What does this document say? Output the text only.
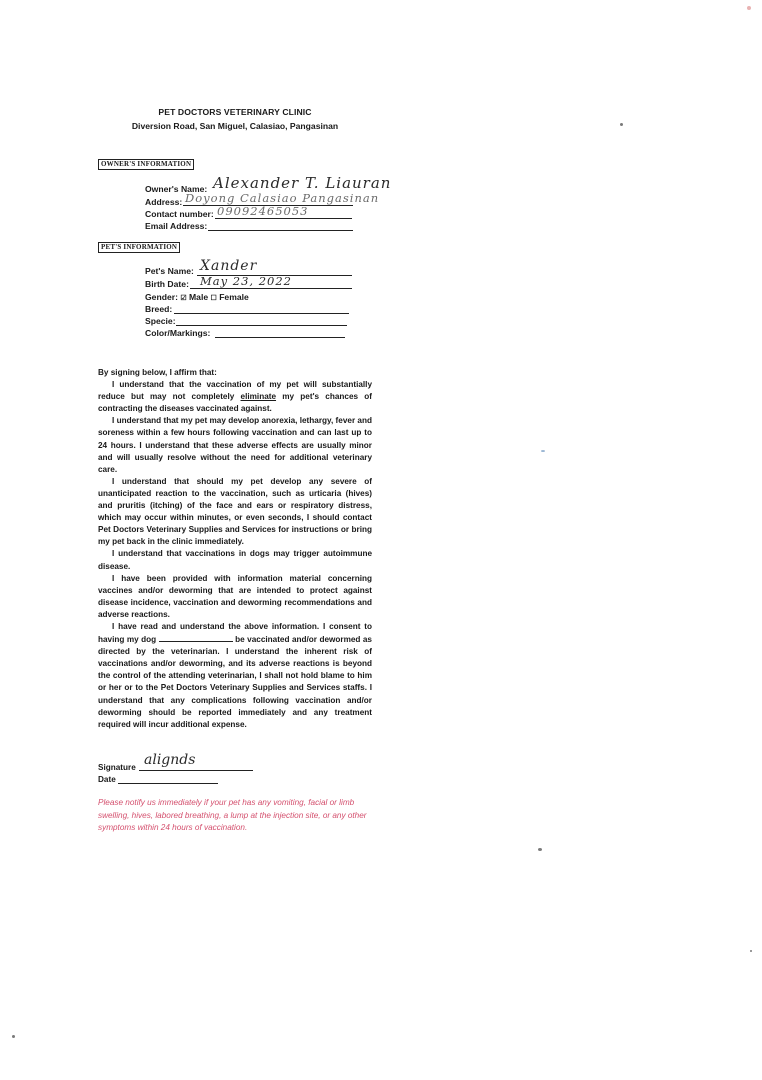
PET DOCTORS VETERINARY CLINIC
Diversion Road, San Miguel, Calasiao, Pangasinan
OWNER'S INFORMATION
Owner's Name: Alexander T. Liauran
Address: Doyong Calasiao Pangasinan
Contact number: 09092465053
Email Address:
PET'S INFORMATION
Pet's Name: Xander
Birth Date: May 23, 2022
Gender: ☑ Male ☐ Female
Breed:
Specie:
Color/Markings:

By signing below, I affirm that:

I understand that the vaccination of my pet will substantially reduce but may not completely eliminate my pet's chances of contracting the diseases vaccinated against.

I understand that my pet may develop anorexia, lethargy, fever and soreness within a few hours following vaccination and can last up to 24 hours. I understand that these adverse effects are usually minor and will usually resolve without the need for additional veterinary care.

I understand that should my pet develop any severe of unanticipated reaction to the vaccination, such as urticaria (hives) and pruritis (itching) of the face and ears or respiratory distress, which may occur within minutes, or even seconds, I should contact Pet Doctors Veterinary Supplies and Services for instructions or bring my pet back in the clinic immediately.

I understand that vaccinations in dogs may trigger autoimmune disease.

I have been provided with information material concerning vaccines and/or deworming that are intended to protect against disease incidence, vaccination and deworming recommendations and adverse reactions.

I have read and understand the above information. I consent to having my dog	be vaccinated and/or dewormed as directed by the veterinarian. I understand the inherent risk of vaccinations and/or deworming, and its adverse reactions is beyond the control of the attending veterinarian, I shall not hold blame to him or her or to the Pet Doctors Veterinary Supplies and Services staffs. I understand that any complications following vaccination and/or deworming should be reported immediately and any treatment required will incur additional expense.

Signature alignds
Date
Please notify us immediately if your pet has any vomiting, facial or limb swelling, hives, labored breathing, a lump at the injection site, or any other symptoms within 24 hours of vaccination.
